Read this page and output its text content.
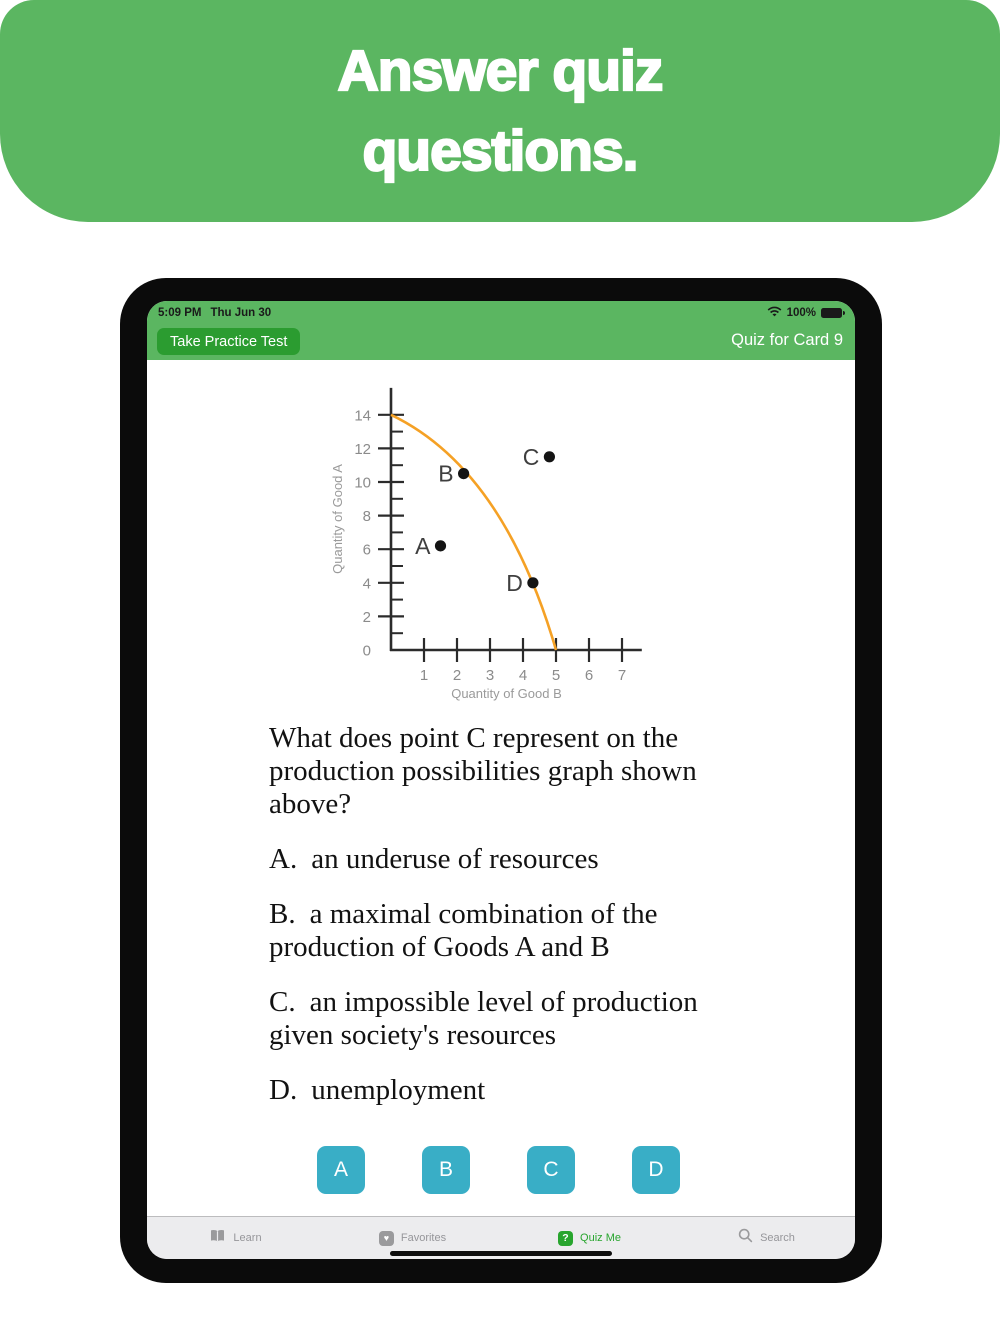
Answer quiz
questions.
5:09 PM Thu Jun 30	100%
Take Practice Test	Quiz for Card 9
0
2
4
6
8
10
12
14
1 2 3 4 5 6 7
A
B
C
D
Quantity of Good B
Quantity of Good A
What does point C represent on the production possibilities graph shown above?
A. an underuse of resources
B. a maximal combination of the production of Goods A and B
C. an impossible level of production given society's resources
D. unemployment
A	B	C	D
Learn	♥	Favorites	?	Quiz Me	Search
